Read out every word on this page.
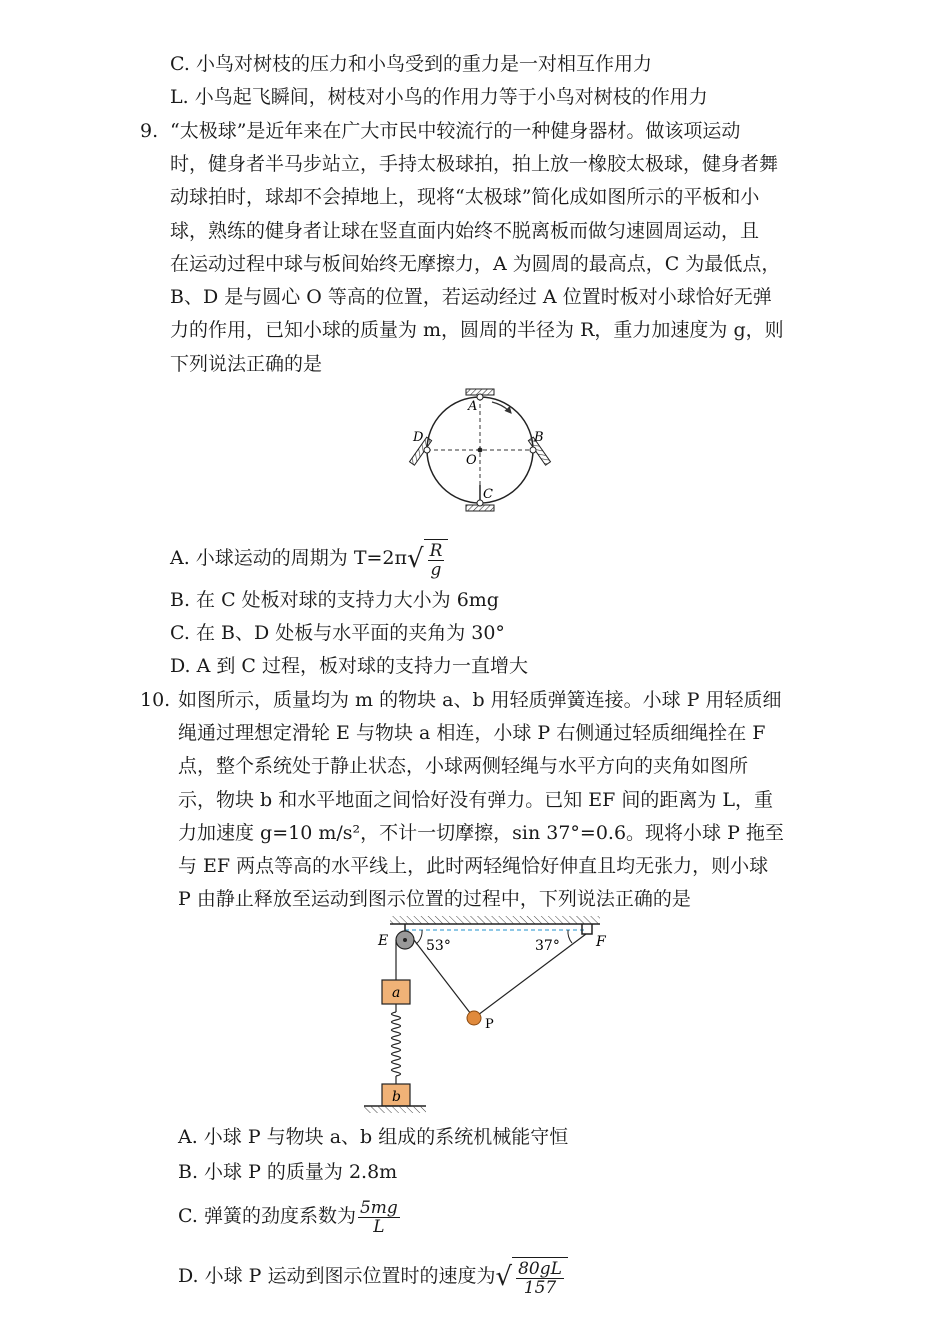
C. 小鸟对树枝的压力和小鸟受到的重力是一对相互作用力
L. 小鸟起飞瞬间，树枝对小鸟的作用力等于小鸟对树枝的作用力
9. “太极球”是近年来在广大市民中较流行的一种健身器材。做该项运动
时，健身者半马步站立，手持太极球拍，拍上放一橡胶太极球，健身者舞
动球拍时，球却不会掉地上，现将“太极球”简化成如图所示的平板和小
球，熟练的健身者让球在竖直面内始终不脱离板而做匀速圆周运动，且
在运动过程中球与板间始终无摩擦力，A 为圆周的最高点，C 为最低点，
B、D 是与圆心 O 等高的位置，若运动经过 A 位置时板对小球恰好无弹
力的作用，已知小球的质量为 m，圆周的半径为 R，重力加速度为 g，则
下列说法正确的是
A
B
C
D
O
A. 小球运动的周期为 $T=2\pi√ \frac{R}{g}$
B. 在 C 处板对球的支持力大小为 6mg
C. 在 B、D 处板与水平面的夹角为 30°
D. A 到 C 过程，板对球的支持力一直增大
10. 如图所示，质量均为 m 的物块 a、b 用轻质弹簧连接。小球 P 用轻质细
绳通过理想定滑轮 E 与物块 a 相连，小球 P 右侧通过轻质细绳拴在 F
点，整个系统处于静止状态，小球两侧轻绳与水平方向的夹角如图所
示，物块 b 和水平地面之间恰好没有弹力。已知 EF 间的距离为 L，重
力加速度 g=10 m/s²，不计一切摩擦，sin 37°=0.6。现将小球 P 拖至
与 EF 两点等高的水平线上，此时两轻绳恰好伸直且均无张力，则小球
P 由静止释放至运动到图示位置的过程中，下列说法正确的是
E	F
53°	37°
a
b
P
A. 小球 P 与物块 a、b 组成的系统机械能守恒
B. 小球 P 的质量为 2.8m
C. 弹簧的劲度系数为 $\frac{5mg}{L}$
D. 小球 P 运动到图示位置时的速度为√ $\frac{80gL}{157}$
